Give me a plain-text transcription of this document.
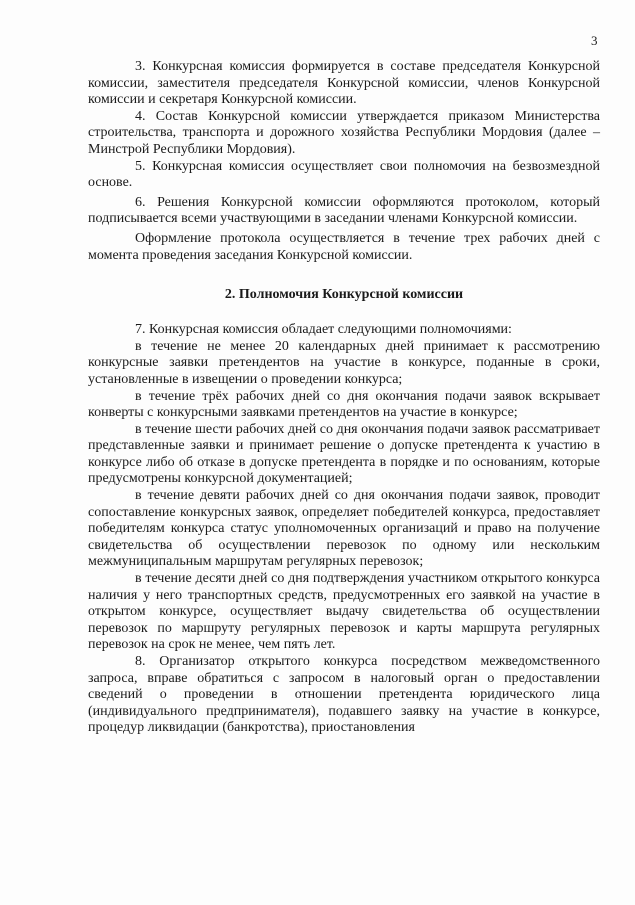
3

3. Конкурсная комиссия формируется в составе председателя Конкурсной комиссии, заместителя председателя Конкурсной комиссии, членов Конкурсной комиссии и секретаря Конкурсной комиссии.

4. Состав Конкурсной комиссии утверждается приказом Министерства строительства, транспорта и дорожного хозяйства Республики Мордовия (далее – Минстрой Республики Мордовия).

5. Конкурсная комиссия осуществляет свои полномочия на безвозмездной основе.

6. Решения Конкурсной комиссии оформляются протоколом, который подписывается всеми участвующими в заседании членами Конкурсной комиссии.

Оформление протокола осуществляется в течение трех рабочих дней с момента проведения заседания Конкурсной комиссии.

2. Полномочия Конкурсной комиссии

7. Конкурсная комиссия обладает следующими полномочиями:

в течение не менее 20 календарных дней принимает к рассмотрению конкурсные заявки претендентов на участие в конкурсе, поданные в сроки, установленные в извещении о проведении конкурса;

в течение трёх рабочих дней со дня окончания подачи заявок вскрывает конверты с конкурсными заявками претендентов на участие в конкурсе;

в течение шести рабочих дней со дня окончания подачи заявок рассматривает представленные заявки и принимает решение о допуске претендента к участию в конкурсе либо об отказе в допуске претендента в порядке и по основаниям, которые предусмотрены конкурсной документацией;

в течение девяти рабочих дней со дня окончания подачи заявок, проводит сопоставление конкурсных заявок, определяет победителей конкурса, предоставляет победителям конкурса статус уполномоченных организаций и право на получение свидетельства об осуществлении перевозок по одному или нескольким межмуниципальным маршрутам регулярных перевозок;

в течение десяти дней со дня подтверждения участником открытого конкурса наличия у него транспортных средств, предусмотренных его заявкой на участие в открытом конкурсе, осуществляет выдачу свидетельства об осуществлении перевозок по маршруту регулярных перевозок и карты маршрута регулярных перевозок на срок не менее, чем пять лет.

8. Организатор открытого конкурса посредством межведомственного запроса, вправе обратиться с запросом в налоговый орган о предоставлении сведений о проведении в отношении претендента юридического лица (индивидуального предпринимателя), подавшего заявку на участие в конкурсе, процедур ликвидации (банкротства), приостановления
